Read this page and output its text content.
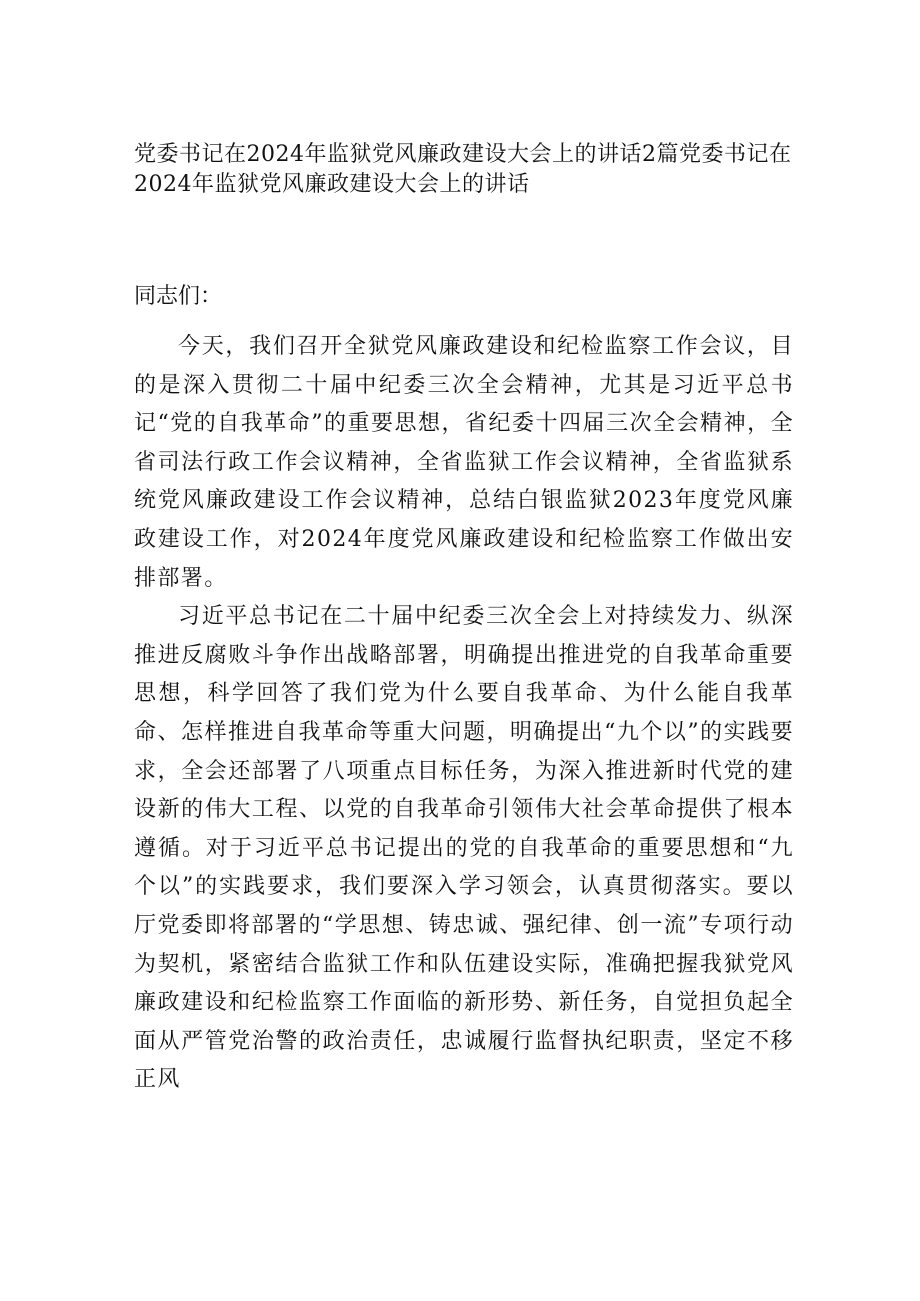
党委书记在2024年监狱党风廉政建设大会上的讲话2篇党委书记在2024年监狱党风廉政建设大会上的讲话

同志们：

今天，我们召开全狱党风廉政建设和纪检监察工作会议，目的是深入贯彻二十届中纪委三次全会精神，尤其是习近平总书记“党的自我革命”的重要思想，省纪委十四届三次全会精神，全省司法行政工作会议精神，全省监狱工作会议精神，全省监狱系统党风廉政建设工作会议精神，总结白银监狱2023年度党风廉政建设工作，对2024年度党风廉政建设和纪检监察工作做出安排部署。

习近平总书记在二十届中纪委三次全会上对持续发力、纵深推进反腐败斗争作出战略部署，明确提出推进党的自我革命重要思想，科学回答了我们党为什么要自我革命、为什么能自我革命、怎样推进自我革命等重大问题，明确提出“九个以”的实践要求，全会还部署了八项重点目标任务，为深入推进新时代党的建设新的伟大工程、以党的自我革命引领伟大社会革命提供了根本遵循。对于习近平总书记提出的党的自我革命的重要思想和“九个以”的实践要求，我们要深入学习领会，认真贯彻落实。要以厅党委即将部署的“学思想、铸忠诚、强纪律、创一流”专项行动为契机，紧密结合监狱工作和队伍建设实际，准确把握我狱党风廉政建设和纪检监察工作面临的新形势、新任务，自觉担负起全面从严管党治警的政治责任，忠诚履行监督执纪职责，坚定不移正风
